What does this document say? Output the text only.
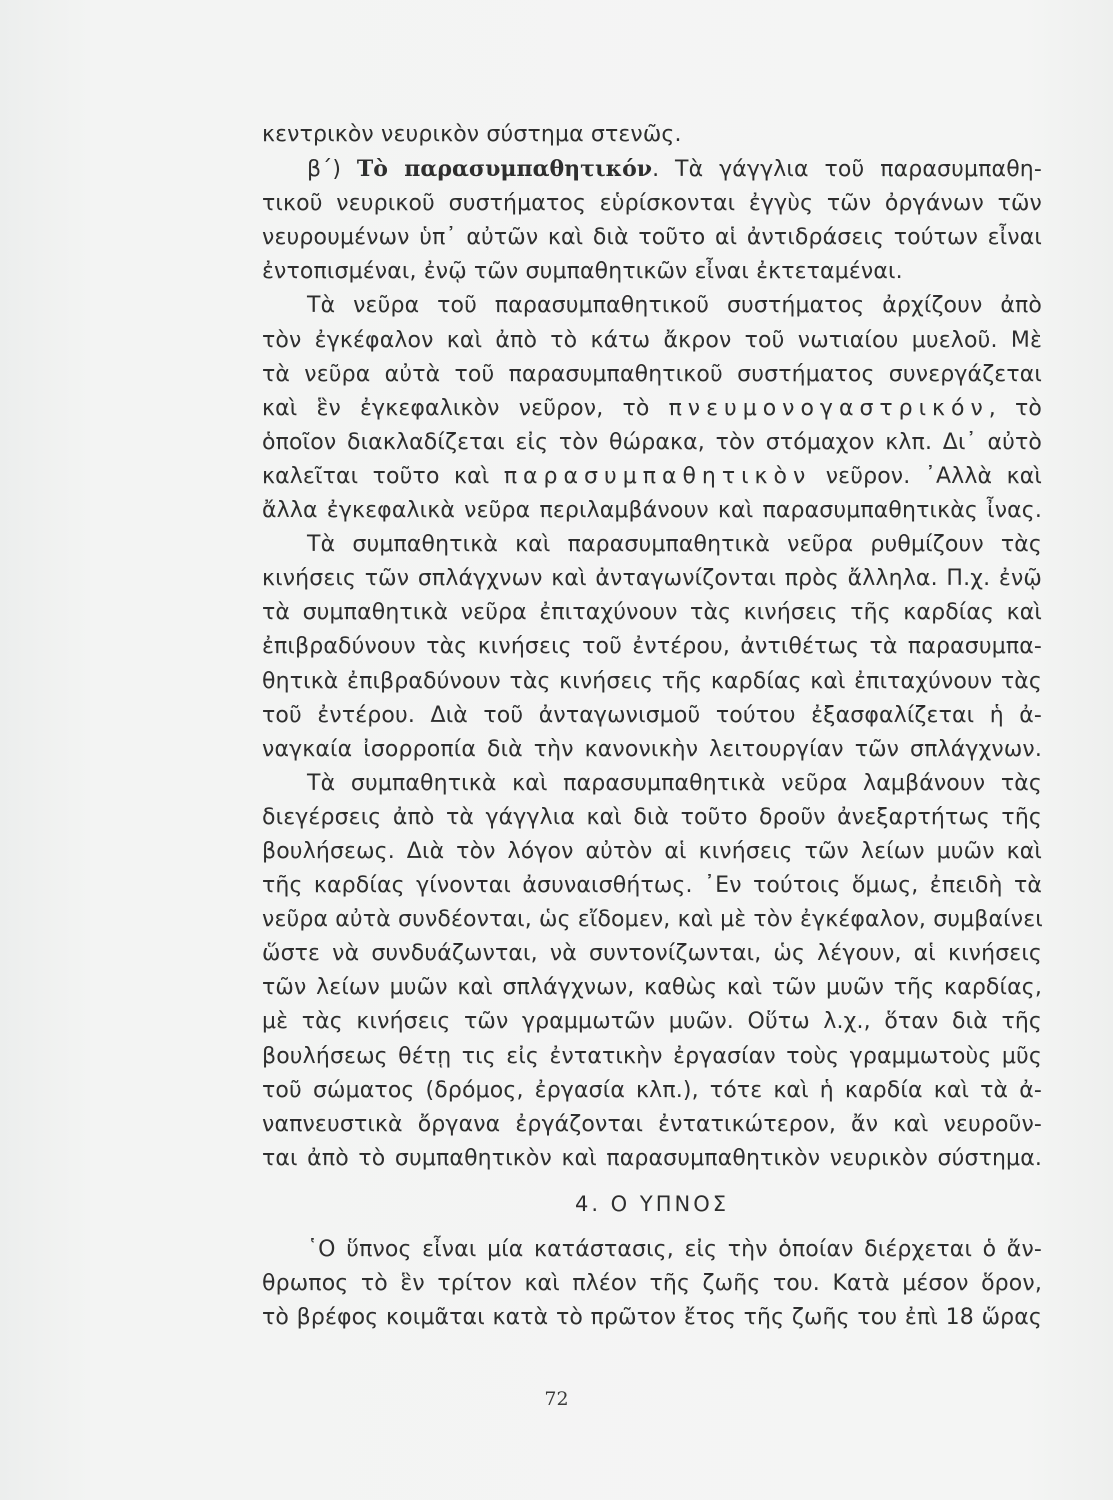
κεντρικὸν νευρικὸν σύστημα στενῶς.
β΄) Τὸ παρασυμπαθητικόν. Τὰ γάγγλια τοῦ παρασυμπαθη-
τικοῦ νευρικοῦ συστήματος εὑρίσκονται ἐγγὺς τῶν ὀργάνων τῶν
νευρουμένων ὑπ᾽ αὐτῶν καὶ διὰ τοῦτο αἱ ἀντιδράσεις τούτων εἶναι
ἐντοπισμέναι, ἐνῷ τῶν συμπαθητικῶν εἶναι ἐκτεταμέναι.
Τὰ νεῦρα τοῦ παρασυμπαθητικοῦ συστήματος ἀρχίζουν ἀπὸ
τὸν ἐγκέφαλον καὶ ἀπὸ τὸ κάτω ἄκρον τοῦ νωτιαίου μυελοῦ. Μὲ
τὰ νεῦρα αὐτὰ τοῦ παρασυμπαθητικοῦ συστήματος συνεργάζεται
καὶ ἓν ἐγκεφαλικὸν νεῦρον, τὸ πνευμονογαστρικόν, τὸ
ὁποῖον διακλαδίζεται εἰς τὸν θώρακα, τὸν στόμαχον κλπ. Δι᾽ αὐτὸ
καλεῖται τοῦτο καὶ παρασυμπαθητικὸν νεῦρον. ᾿Αλλὰ καὶ
ἄλλα ἐγκεφαλικὰ νεῦρα περιλαμβάνουν καὶ παρασυμπαθητικὰς ἶνας.
Τὰ συμπαθητικὰ καὶ παρασυμπαθητικὰ νεῦρα ρυθμίζουν τὰς
κινήσεις τῶν σπλάγχνων καὶ ἀνταγωνίζονται πρὸς ἄλληλα. Π.χ. ἐνῷ
τὰ συμπαθητικὰ νεῦρα ἐπιταχύνουν τὰς κινήσεις τῆς καρδίας καὶ
ἐπιβραδύνουν τὰς κινήσεις τοῦ ἐντέρου, ἀντιθέτως τὰ παρασυμπα-
θητικὰ ἐπιβραδύνουν τὰς κινήσεις τῆς καρδίας καὶ ἐπιταχύνουν τὰς
τοῦ ἐντέρου. Διὰ τοῦ ἀνταγωνισμοῦ τούτου ἐξασφαλίζεται ἡ ἀ-
ναγκαία ἰσορροπία διὰ τὴν κανονικὴν λειτουργίαν τῶν σπλάγχνων.
Τὰ συμπαθητικὰ καὶ παρασυμπαθητικὰ νεῦρα λαμβάνουν τὰς
διεγέρσεις ἀπὸ τὰ γάγγλια καὶ διὰ τοῦτο δροῦν ἀνεξαρτήτως τῆς
βουλήσεως. Διὰ τὸν λόγον αὐτὸν αἱ κινήσεις τῶν λείων μυῶν καὶ
τῆς καρδίας γίνονται ἀσυναισθήτως. ᾿Εν τούτοις ὅμως, ἐπειδὴ τὰ
νεῦρα αὐτὰ συνδέονται, ὡς εἴδομεν, καὶ μὲ τὸν ἐγκέφαλον, συμβαίνει
ὥστε νὰ συνδυάζωνται, νὰ συντονίζωνται, ὡς λέγουν, αἱ κινήσεις
τῶν λείων μυῶν καὶ σπλάγχνων, καθὼς καὶ τῶν μυῶν τῆς καρδίας,
μὲ τὰς κινήσεις τῶν γραμμωτῶν μυῶν. Οὕτω λ.χ., ὅταν διὰ τῆς
βουλήσεως θέτῃ τις εἰς ἐντατικὴν ἐργασίαν τοὺς γραμμωτοὺς μῦς
τοῦ σώματος (δρόμος, ἐργασία κλπ.), τότε καὶ ἡ καρδία καὶ τὰ ἀ-
ναπνευστικὰ ὄργανα ἐργάζονται ἐντατικώτερον, ἄν καὶ νευροῦν-
ται ἀπὸ τὸ συμπαθητικὸν καὶ παρασυμπαθητικὸν νευρικὸν σύστημα.
4. Ο ΥΠΝΟΣ
῾Ο ὕπνος εἶναι μία κατάστασις, εἰς τὴν ὁποίαν διέρχεται ὁ ἄν-
θρωπος τὸ ἓν τρίτον καὶ πλέον τῆς ζωῆς του. Κατὰ μέσον ὅρον,
τὸ βρέφος κοιμᾶται κατὰ τὸ πρῶτον ἔτος τῆς ζωῆς του ἐπὶ 18 ὥρας
72
